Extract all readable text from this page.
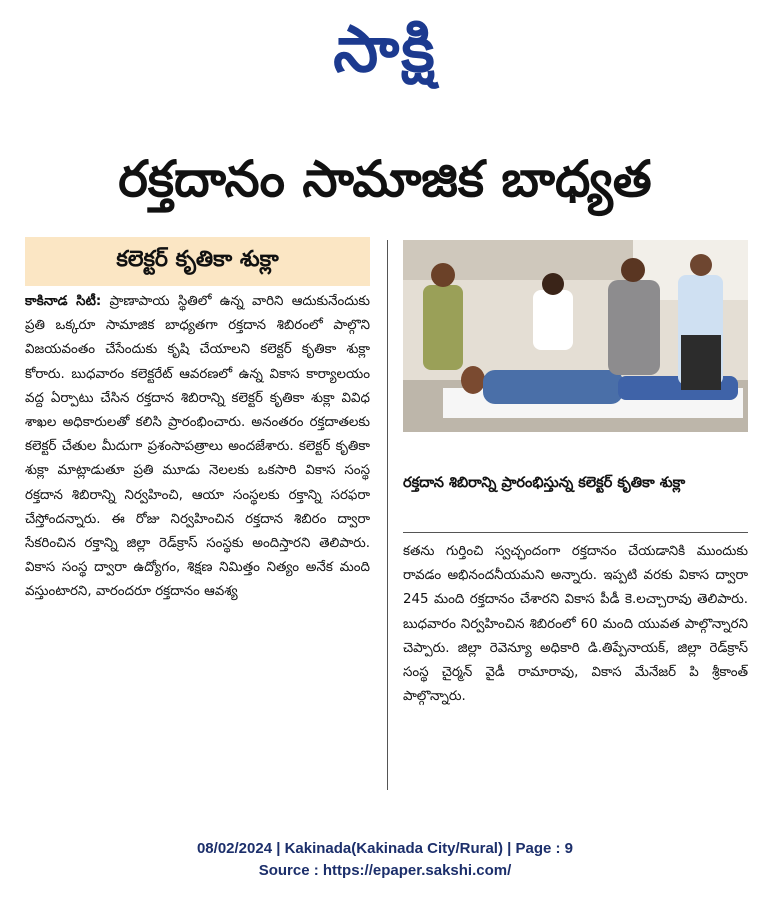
సాక్షి
రక్తదానం సామాజిక బాధ్యత
కలెక్టర్ కృతికా శుక్లా
కాకినాడ సిటీ: ప్రాణాపాయ స్థితిలో ఉన్న వారిని ఆదుకునేందుకు ప్రతి ఒక్కరూ సామాజిక బాధ్యతగా రక్తదాన శిబిరంలో పాల్గొని విజయవంతం చేసేందుకు కృషి చేయాలని కలెక్టర్ కృతికా శుక్లా కోరారు. బుధవారం కలెక్టరేట్ ఆవరణలో ఉన్న వికాస కార్యాలయం వద్ద ఏర్పాటు చేసిన రక్తదాన శిబిరాన్ని కలెక్టర్ కృతికా శుక్లా వివిధ శాఖల అధికారులతో కలిసి ప్రారంభించారు. అనంతరం రక్తదాతలకు కలెక్టర్ చేతుల మీదుగా ప్రశంసాపత్రాలు అందజేశారు. కలెక్టర్ కృతికా శుక్లా మాట్లాడుతూ ప్రతి మూడు నెలలకు ఒకసారి వికాస సంస్థ రక్తదాన శిబిరాన్ని నిర్వహించి, ఆయా సంస్థలకు రక్తాన్ని సరఫరా చేస్తోందన్నారు. ఈ రోజు నిర్వహించిన రక్తదాన శిబిరం ద్వారా సేకరించిన రక్తాన్ని జిల్లా రెడ్‌క్రాస్ సంస్థకు అందిస్తారని తెలిపారు. వికాస సంస్థ ద్వారా ఉద్యోగం, శిక్షణ నిమిత్తం నిత్యం అనేక మంది వస్తుంటారని, వారందరూ రక్తదానం ఆవశ్య
రక్తదాన శిబిరాన్ని ప్రారంభిస్తున్న కలెక్టర్ కృతికా శుక్లా
కతను గుర్తించి స్వచ్ఛందంగా రక్తదానం చేయడానికి ముందుకు రావడం అభినందనీయమని అన్నారు. ఇప్పటి వరకు వికాస ద్వారా 245 మంది రక్తదానం చేశారని వికాస పీడీ కె.లచ్చారావు తెలిపారు. బుధవారం నిర్వహించిన శిబిరంలో 60 మంది యువత పాల్గొన్నారని చెప్పారు. జిల్లా రెవెన్యూ అధికారి డి.తిప్పేనాయక్, జిల్లా రెడ్‌క్రాస్ సంస్థ చైర్మన్ వైడీ రామారావు, వికాస మేనేజర్ పి శ్రీకాంత్ పాల్గొన్నారు.
08/02/2024 | Kakinada(Kakinada City/Rural) | Page : 9
Source : https://epaper.sakshi.com/
